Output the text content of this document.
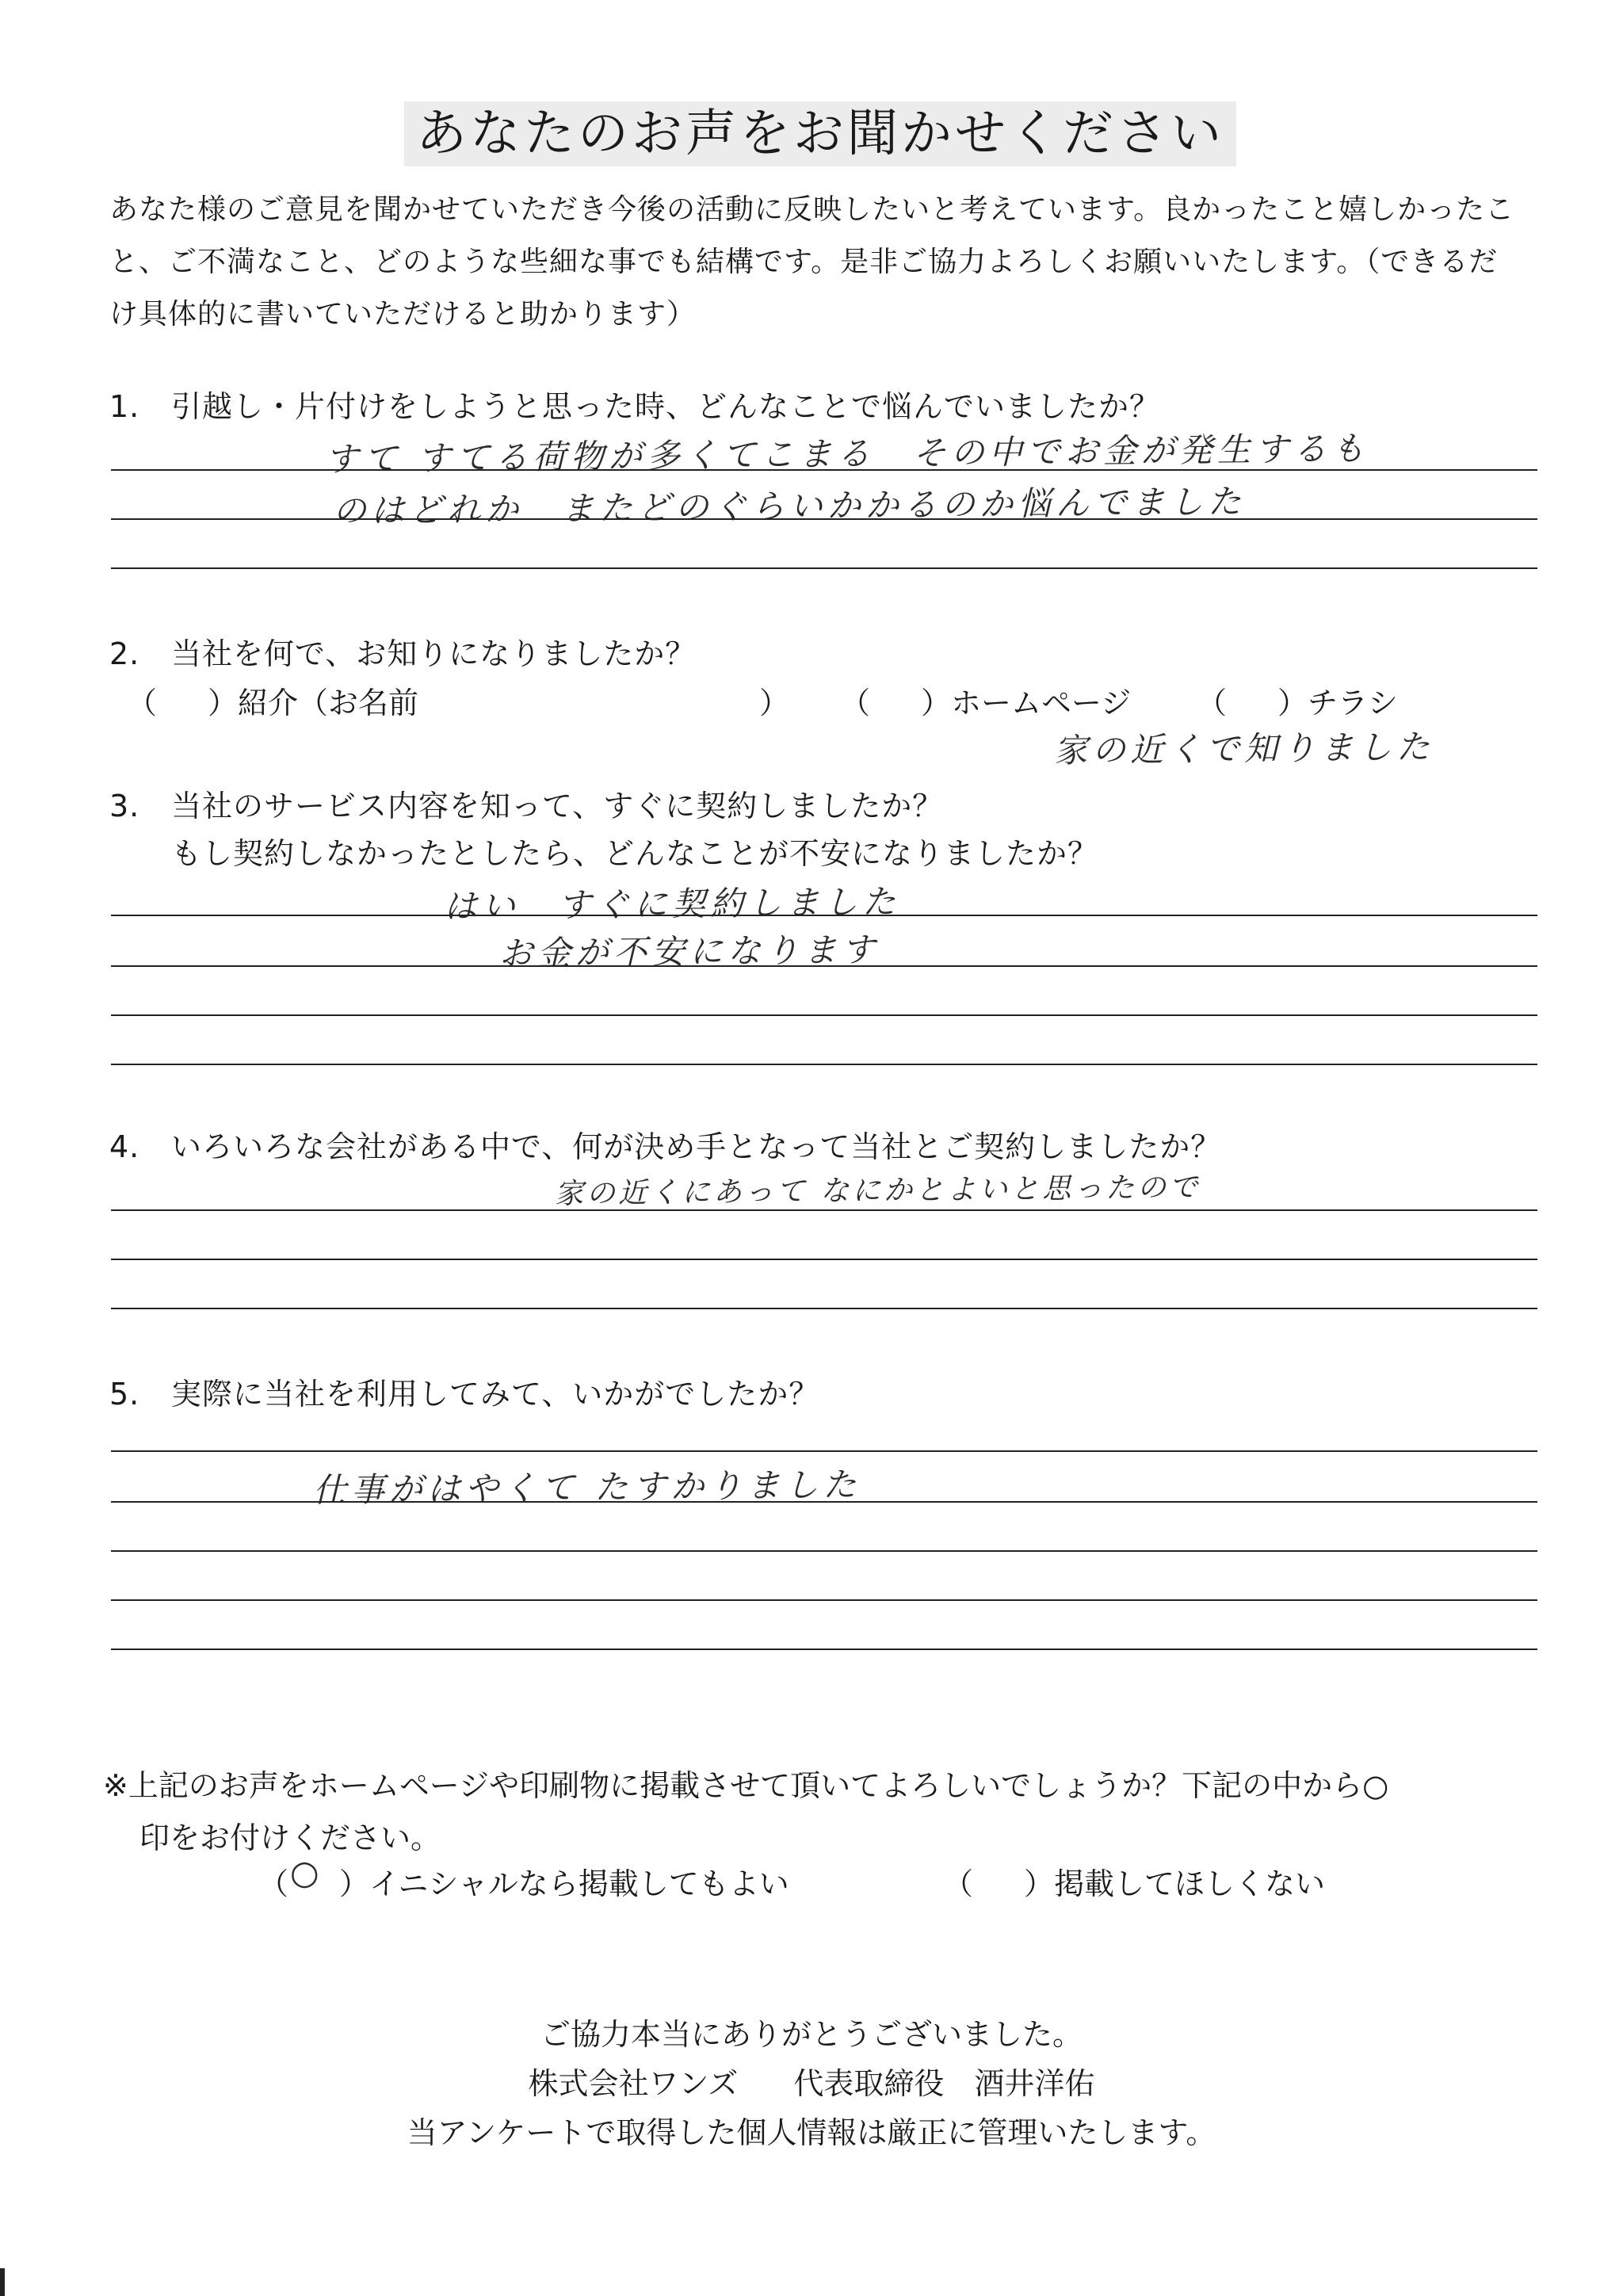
あなたのお声をお聞かせください
あなた様のご意見を聞かせていただき今後の活動に反映したいと考えています。良かったこと嬉しかったこ
と、ご不満なこと、どのような些細な事でも結構です。是非ご協力よろしくお願いいたします。（できるだ
け具体的に書いていただけると助かります）
1. 引越し・片付けをしようと思った時、どんなことで悩んでいましたか？
すて すてる荷物が多くてこまる　その中でお金が発生するも
のはどれか　またどのぐらいかかるのか悩んでました
2. 当社を何で、お知りになりましたか？
（ ）紹介（お名前	） （ ）ホームページ （ ）チラシ
家の近くで知りました
3. 当社のサービス内容を知って、すぐに契約しましたか？
もし契約しなかったとしたら、どんなことが不安になりましたか？
はい　すぐに契約しました
お金が不安になります
4. いろいろな会社がある中で、何が決め手となって当社とご契約しましたか？
家の近くにあって なにかとよいと思ったので
5. 実際に当社を利用してみて、いかがでしたか？
仕事がはやくて たすかりました
※上記のお声をホームページや印刷物に掲載させて頂いてよろしいでしょうか？下記の中から○
印をお付けください。
（ ）イニシャルなら掲載してもよい
○	（ ）掲載してほしくない
ご協力本当にありがとうございました。
株式会社ワンズ 代表取締役　酒井洋佑
当アンケートで取得した個人情報は厳正に管理いたします。
